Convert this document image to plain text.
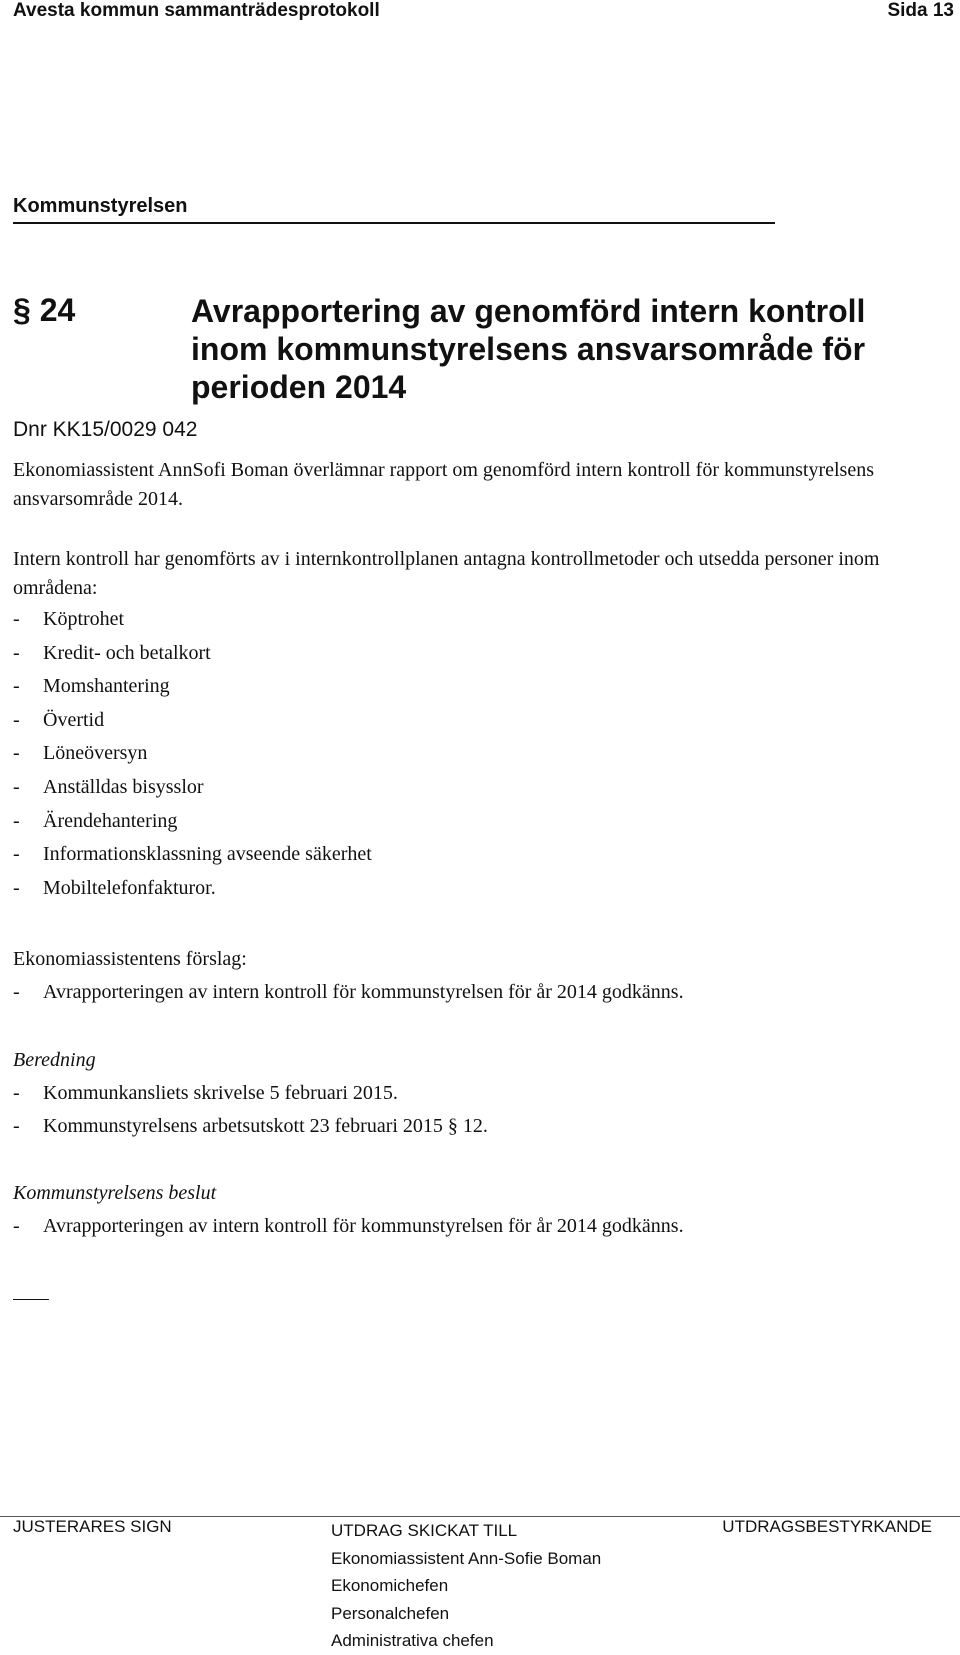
Avesta kommun sammanträdesprotokoll	Sida 13
Kommunstyrelsen
§ 24	Avrapportering av genomförd intern kontroll inom kommunstyrelsens ansvarsområde för perioden 2014
Dnr KK15/0029 042
Ekonomiassistent AnnSofi Boman överlämnar rapport om genomförd intern kontroll för kommunstyrelsens ansvarsområde 2014.
Intern kontroll har genomförts av i internkontrollplanen antagna kontrollmetoder och utsedda personer inom områdena:
- Köptrohet
- Kredit- och betalkort
- Momshantering
- Övertid
- Löneöversyn
- Anställdas bisysslor
- Ärendehantering
- Informationsklassning avseende säkerhet
- Mobiltelefonfakturor.
Ekonomiassistentens förslag:
- Avrapporteringen av intern kontroll för kommunstyrelsen för år 2014 godkänns.
Beredning
- Kommunkansliets skrivelse 5 februari 2015.
- Kommunstyrelsens arbetsutskott 23 februari 2015 § 12.
Kommunstyrelsens beslut
- Avrapporteringen av intern kontroll för kommunstyrelsen för år 2014 godkänns.
JUSTERARES SIGN	UTDRAG SKICKAT TILL
Ekonomiassistent Ann-Sofie Boman
Ekonomichefen
Personalchefen
Administrativa chefen
UTDRAGSBESTYRKANDE
